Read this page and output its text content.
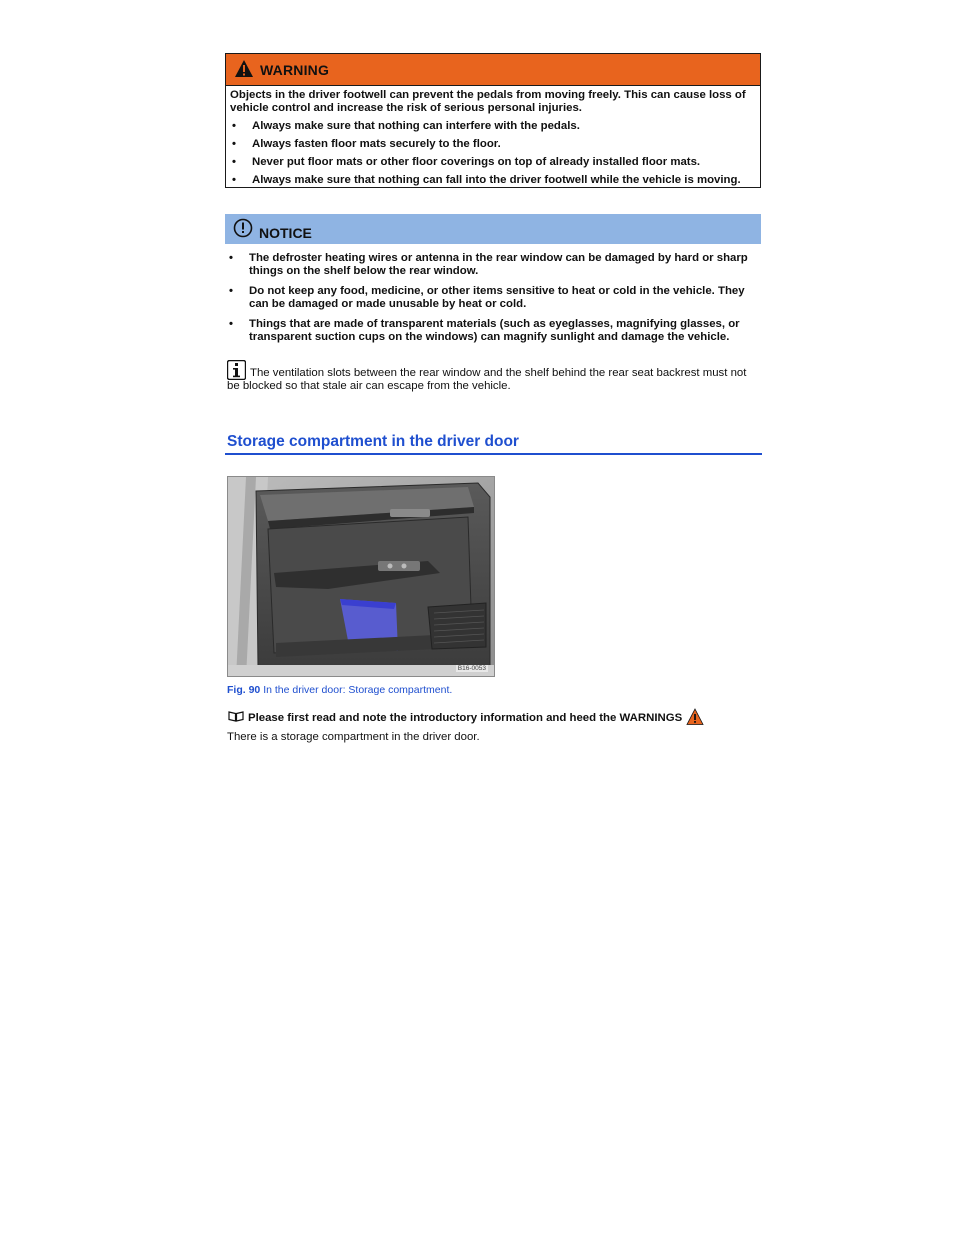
WARNING

Objects in the driver footwell can prevent the pedals from moving freely. This can cause loss of vehicle control and increase the risk of serious personal injuries.

•	Always make sure that nothing can interfere with the pedals.
•	Always fasten floor mats securely to the floor.
•	Never put floor mats or other floor coverings on top of already installed floor mats.
•	Always make sure that nothing can fall into the driver footwell while the vehicle is moving.
NOTICE
•	The defroster heating wires or antenna in the rear window can be damaged by hard or sharp things on the shelf below the rear window.
•	Do not keep any food, medicine, or other items sensitive to heat or cold in the vehicle. They can be damaged or made unusable by heat or cold.
•	Things that are made of transparent materials (such as eyeglasses, magnifying glasses, or transparent suction cups on the windows) can magnify sunlight and damage the vehicle.
The ventilation slots between the rear window and the shelf behind the rear seat backrest must not be blocked so that stale air can escape from the vehicle.
Storage compartment in the driver door
B16-0053
Fig. 90 In the driver door: Storage compartment.
Please first read and note the introductory information and heed the WARNINGS
There is a storage compartment in the driver door.
